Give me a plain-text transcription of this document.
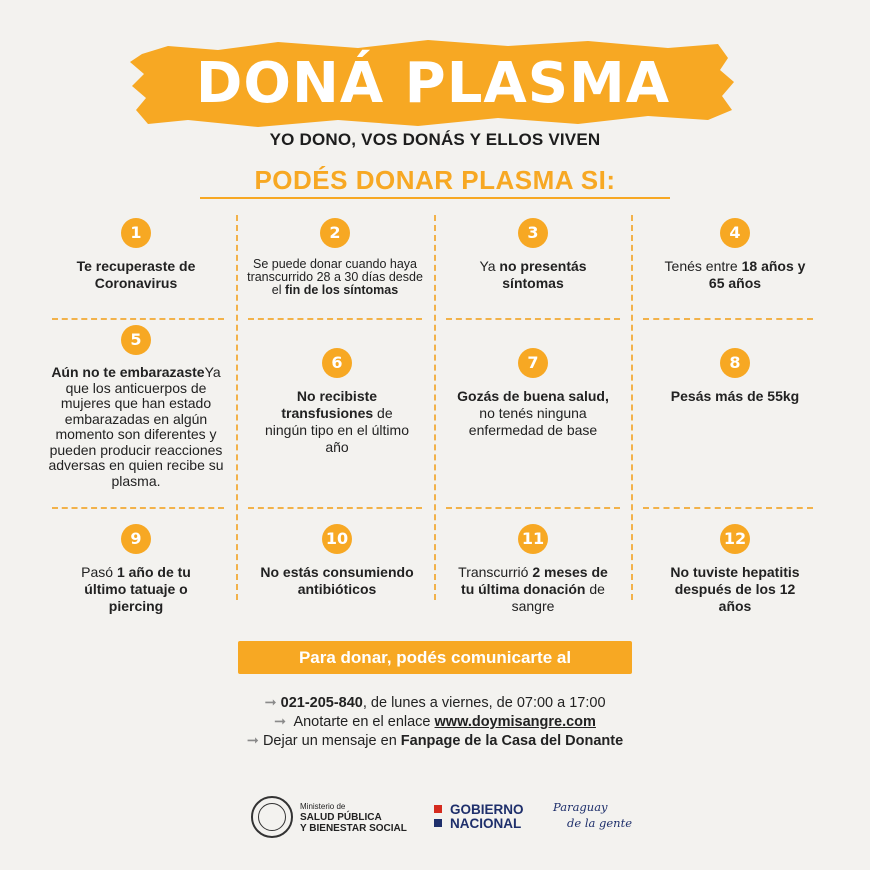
DONÁ PLASMA
YO DONO, VOS DONÁS Y ELLOS VIVEN
PODÉS DONAR PLASMA SI:
1
Te recuperaste de Coronavirus
2
Se puede donar cuando haya transcurrido 28 a 30 días desde el fin de los síntomas
3
Ya no presentás síntomas
4
Tenés entre 18 años y 65 años
5
Aún no te embarazasteYa que los anticuerpos de mujeres que han estado embarazadas en algún momento son diferentes y pueden producir reacciones adversas en quien recibe su plasma.
6
No recibiste transfusiones de ningún tipo en el último año
7
Gozás de buena salud, no tenés ninguna enfermedad de base
8
Pesás más de 55kg
9
Pasó 1 año de tu último tatuaje o piercing
10
No estás consumiendo antibióticos
11
Transcurrió 2 meses de tu última donación de sangre
12
No tuviste hepatitis después de los 12 años
Para donar, podés comunicarte al
➞ 021-205-840, de lunes a viernes, de 07:00 a 17:00
➞ Anotarte en el enlace www.doymisangre.com
➞ Dejar un mensaje en Fanpage de la Casa del Donante
Ministerio de
SALUD PÚBLICA
Y BIENESTAR SOCIAL
GOBIERNO
NACIONAL
Paraguay
de la gente
